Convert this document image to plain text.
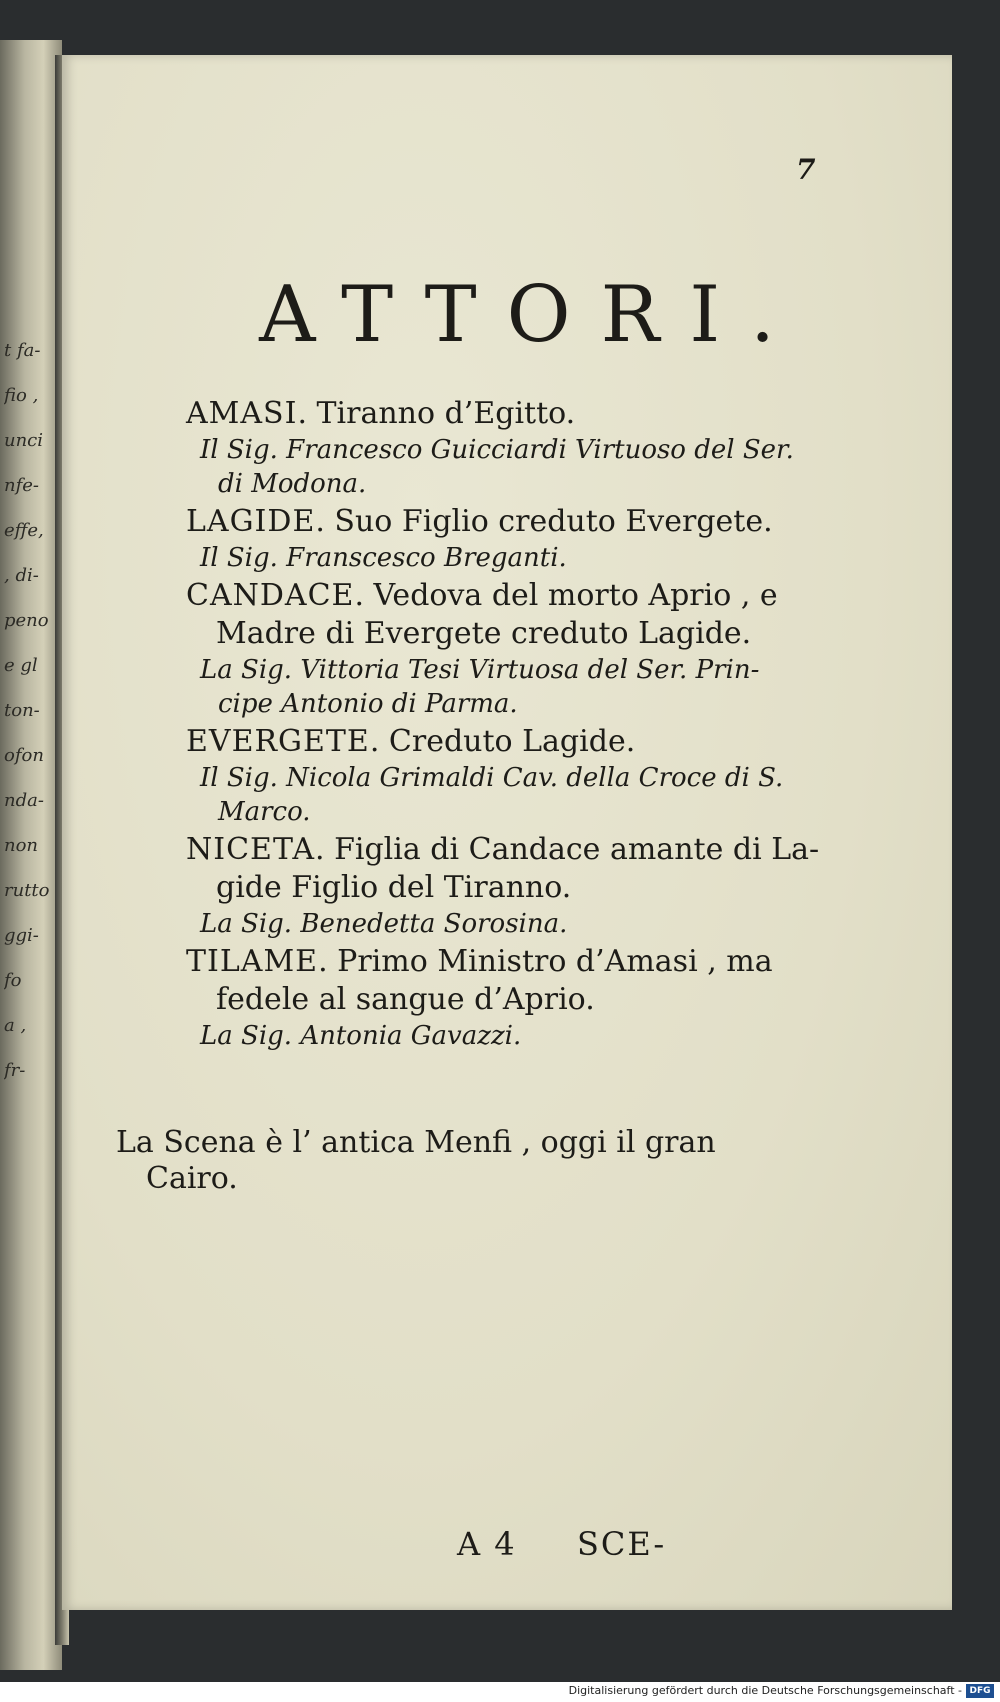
t fa-
fio ,
unci
nfe-
effe,
, di-
peno
e gl
ton-
ofon
nda-
non
rutto
ggi-
fo
a ,
fr-
7
ATTORI.
AMASI. Tiranno d’Egitto.
Il Sig. Francesco Guicciardi Virtuoso del Ser.
di Modona.
LAGIDE. Suo Figlio creduto Evergete.
Il Sig. Franscesco Breganti.
CANDACE. Vedova del morto Aprio , e
Madre di Evergete creduto Lagide.
La Sig. Vittoria Tesi Virtuosa del Ser. Prin-
cipe Antonio di Parma.
EVERGETE. Creduto Lagide.
Il Sig. Nicola Grimaldi Cav. della Croce di S.
Marco.
NICETA. Figlia di Candace amante di La-
gide Figlio del Tiranno.
La Sig. Benedetta Sorosina.
TILAME. Primo Ministro d’Amasi , ma
fedele al sangue d’Aprio.
La Sig. Antonia Gavazzi.
La Scena è l’ antica Menfi , oggi il gran
Cairo.
A 4 SCE-
Digitalisierung gefördert durch die Deutsche Forschungsgemeinschaft - DFG
